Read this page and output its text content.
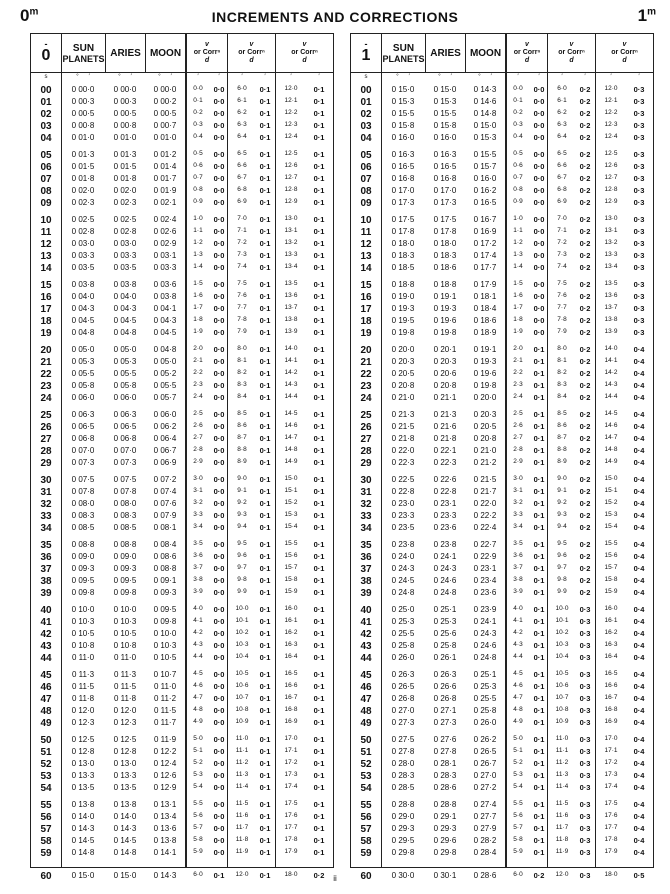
0$^m$	INCREMENTS AND CORRECTIONS	1$^m$
-
0	SUN
PLANETS ARIES MOON
v
or Corrⁿ
d
v
or Corrⁿ
d
v
or Corrⁿ
d
s	° ′	° ′	° ′	′	′	′	′	′	′
00	0 00·0	0 00·0	0 00·0	0·0	0·0	6·0	0·1	12·0	0·1
01	0 00·3	0 00·3	0 00·2	0·1	0·0	6·1	0·1	12·1	0·1
02	0 00·5	0 00·5	0 00·5	0·2	0·0	6·2	0·1	12·2	0·1
03	0 00·8	0 00·8	0 00·7	0·3	0·0	6·3	0·1	12·3	0·1
04	0 01·0	0 01·0	0 01·0	0·4	0·0	6·4	0·1	12·4	0·1
05	0 01·3	0 01·3	0 01·2	0·5	0·0	6·5	0·1	12·5	0·1
06	0 01·5	0 01·5	0 01·4	0·6	0·0	6·6	0·1	12·6	0·1
07	0 01·8	0 01·8	0 01·7	0·7	0·0	6·7	0·1	12·7	0·1
08	0 02·0	0 02·0	0 01·9	0·8	0·0	6·8	0·1	12·8	0·1
09	0 02·3	0 02·3	0 02·1	0·9	0·0	6·9	0·1	12·9	0·1
10	0 02·5	0 02·5	0 02·4	1·0	0·0	7·0	0·1	13·0	0·1
11	0 02·8	0 02·8	0 02·6	1·1	0·0	7·1	0·1	13·1	0·1
12	0 03·0	0 03·0	0 02·9	1·2	0·0	7·2	0·1	13·2	0·1
13	0 03·3	0 03·3	0 03·1	1·3	0·0	7·3	0·1	13·3	0·1
14	0 03·5	0 03·5	0 03·3	1·4	0·0	7·4	0·1	13·4	0·1
15	0 03·8	0 03·8	0 03·6	1·5	0·0	7·5	0·1	13·5	0·1
16	0 04·0	0 04·0	0 03·8	1·6	0·0	7·6	0·1	13·6	0·1
17	0 04·3	0 04·3	0 04·1	1·7	0·0	7·7	0·1	13·7	0·1
18	0 04·5	0 04·5	0 04·3	1·8	0·0	7·8	0·1	13·8	0·1
19	0 04·8	0 04·8	0 04·5	1·9	0·0	7·9	0·1	13·9	0·1
20	0 05·0	0 05·0	0 04·8	2·0	0·0	8·0	0·1	14·0	0·1
21	0 05·3	0 05·3	0 05·0	2·1	0·0	8·1	0·1	14·1	0·1
22	0 05·5	0 05·5	0 05·2	2·2	0·0	8·2	0·1	14·2	0·1
23	0 05·8	0 05·8	0 05·5	2·3	0·0	8·3	0·1	14·3	0·1
24	0 06·0	0 06·0	0 05·7	2·4	0·0	8·4	0·1	14·4	0·1
25	0 06·3	0 06·3	0 06·0	2·5	0·0	8·5	0·1	14·5	0·1
26	0 06·5	0 06·5	0 06·2	2·6	0·0	8·6	0·1	14·6	0·1
27	0 06·8	0 06·8	0 06·4	2·7	0·0	8·7	0·1	14·7	0·1
28	0 07·0	0 07·0	0 06·7	2·8	0·0	8·8	0·1	14·8	0·1
29	0 07·3	0 07·3	0 06·9	2·9	0·0	8·9	0·1	14·9	0·1
30	0 07·5	0 07·5	0 07·2	3·0	0·0	9·0	0·1	15·0	0·1
31	0 07·8	0 07·8	0 07·4	3·1	0·0	9·1	0·1	15·1	0·1
32	0 08·0	0 08·0	0 07·6	3·2	0·0	9·2	0·1	15·2	0·1
33	0 08·3	0 08·3	0 07·9	3·3	0·0	9·3	0·1	15·3	0·1
34	0 08·5	0 08·5	0 08·1	3·4	0·0	9·4	0·1	15·4	0·1
35	0 08·8	0 08·8	0 08·4	3·5	0·0	9·5	0·1	15·5	0·1
36	0 09·0	0 09·0	0 08·6	3·6	0·0	9·6	0·1	15·6	0·1
37	0 09·3	0 09·3	0 08·8	3·7	0·0	9·7	0·1	15·7	0·1
38	0 09·5	0 09·5	0 09·1	3·8	0·0	9·8	0·1	15·8	0·1
39	0 09·8	0 09·8	0 09·3	3·9	0·0	9·9	0·1	15·9	0·1
40	0 10·0	0 10·0	0 09·5	4·0	0·0	10·0	0·1	16·0	0·1
41	0 10·3	0 10·3	0 09·8	4·1	0·0	10·1	0·1	16·1	0·1
42	0 10·5	0 10·5	0 10·0	4·2	0·0	10·2	0·1	16·2	0·1
43	0 10·8	0 10·8	0 10·3	4·3	0·0	10·3	0·1	16·3	0·1
44	0 11·0	0 11·0	0 10·5	4·4	0·0	10·4	0·1	16·4	0·1
45	0 11·3	0 11·3	0 10·7	4·5	0·0	10·5	0·1	16·5	0·1
46	0 11·5	0 11·5	0 11·0	4·6	0·0	10·6	0·1	16·6	0·1
47	0 11·8	0 11·8	0 11·2	4·7	0·0	10·7	0·1	16·7	0·1
48	0 12·0	0 12·0	0 11·5	4·8	0·0	10·8	0·1	16·8	0·1
49	0 12·3	0 12·3	0 11·7	4·9	0·0	10·9	0·1	16·9	0·1
50	0 12·5	0 12·5	0 11·9	5·0	0·0	11·0	0·1	17·0	0·1
51	0 12·8	0 12·8	0 12·2	5·1	0·0	11·1	0·1	17·1	0·1
52	0 13·0	0 13·0	0 12·4	5·2	0·0	11·2	0·1	17·2	0·1
53	0 13·3	0 13·3	0 12·6	5·3	0·0	11·3	0·1	17·3	0·1
54	0 13·5	0 13·5	0 12·9	5·4	0·0	11·4	0·1	17·4	0·1
55	0 13·8	0 13·8	0 13·1	5·5	0·0	11·5	0·1	17·5	0·1
56	0 14·0	0 14·0	0 13·4	5·6	0·0	11·6	0·1	17·6	0·1
57	0 14·3	0 14·3	0 13·6	5·7	0·0	11·7	0·1	17·7	0·1
58	0 14·5	0 14·5	0 13·8	5·8	0·0	11·8	0·1	17·8	0·1
59	0 14·8	0 14·8	0 14·1	5·9	0·0	11·9	0·1	17·9	0·1
60	0 15·0	0 15·0	0 14·3	6·0	0·1	12·0	0·1	18·0	0·2
-
1	SUN
PLANETS ARIES MOON
v
or Corrⁿ
d
v
or Corrⁿ
d
v
or Corrⁿ
d
s	° ′	° ′	° ′	′	′	′	′	′	′
00	0 15·0	0 15·0	0 14·3	0·0	0·0	6·0	0·2	12·0	0·3
01	0 15·3	0 15·3	0 14·6	0·1	0·0	6·1	0·2	12·1	0·3
02	0 15·5	0 15·5	0 14·8	0·2	0·0	6·2	0·2	12·2	0·3
03	0 15·8	0 15·8	0 15·0	0·3	0·0	6·3	0·2	12·3	0·3
04	0 16·0	0 16·0	0 15·3	0·4	0·0	6·4	0·2	12·4	0·3
05	0 16·3	0 16·3	0 15·5	0·5	0·0	6·5	0·2	12·5	0·3
06	0 16·5	0 16·5	0 15·7	0·6	0·0	6·6	0·2	12·6	0·3
07	0 16·8	0 16·8	0 16·0	0·7	0·0	6·7	0·2	12·7	0·3
08	0 17·0	0 17·0	0 16·2	0·8	0·0	6·8	0·2	12·8	0·3
09	0 17·3	0 17·3	0 16·5	0·9	0·0	6·9	0·2	12·9	0·3
10	0 17·5	0 17·5	0 16·7	1·0	0·0	7·0	0·2	13·0	0·3
11	0 17·8	0 17·8	0 16·9	1·1	0·0	7·1	0·2	13·1	0·3
12	0 18·0	0 18·0	0 17·2	1·2	0·0	7·2	0·2	13·2	0·3
13	0 18·3	0 18·3	0 17·4	1·3	0·0	7·3	0·2	13·3	0·3
14	0 18·5	0 18·6	0 17·7	1·4	0·0	7·4	0·2	13·4	0·3
15	0 18·8	0 18·8	0 17·9	1·5	0·0	7·5	0·2	13·5	0·3
16	0 19·0	0 19·1	0 18·1	1·6	0·0	7·6	0·2	13·6	0·3
17	0 19·3	0 19·3	0 18·4	1·7	0·0	7·7	0·2	13·7	0·3
18	0 19·5	0 19·6	0 18·6	1·8	0·0	7·8	0·2	13·8	0·3
19	0 19·8	0 19·8	0 18·9	1·9	0·0	7·9	0·2	13·9	0·3
20	0 20·0	0 20·1	0 19·1	2·0	0·1	8·0	0·2	14·0	0·4
21	0 20·3	0 20·3	0 19·3	2·1	0·1	8·1	0·2	14·1	0·4
22	0 20·5	0 20·6	0 19·6	2·2	0·1	8·2	0·2	14·2	0·4
23	0 20·8	0 20·8	0 19·8	2·3	0·1	8·3	0·2	14·3	0·4
24	0 21·0	0 21·1	0 20·0	2·4	0·1	8·4	0·2	14·4	0·4
25	0 21·3	0 21·3	0 20·3	2·5	0·1	8·5	0·2	14·5	0·4
26	0 21·5	0 21·6	0 20·5	2·6	0·1	8·6	0·2	14·6	0·4
27	0 21·8	0 21·8	0 20·8	2·7	0·1	8·7	0·2	14·7	0·4
28	0 22·0	0 22·1	0 21·0	2·8	0·1	8·8	0·2	14·8	0·4
29	0 22·3	0 22·3	0 21·2	2·9	0·1	8·9	0·2	14·9	0·4
30	0 22·5	0 22·6	0 21·5	3·0	0·1	9·0	0·2	15·0	0·4
31	0 22·8	0 22·8	0 21·7	3·1	0·1	9·1	0·2	15·1	0·4
32	0 23·0	0 23·1	0 22·0	3·2	0·1	9·2	0·2	15·2	0·4
33	0 23·3	0 23·3	0 22·2	3·3	0·1	9·3	0·2	15·3	0·4
34	0 23·5	0 23·6	0 22·4	3·4	0·1	9·4	0·2	15·4	0·4
35	0 23·8	0 23·8	0 22·7	3·5	0·1	9·5	0·2	15·5	0·4
36	0 24·0	0 24·1	0 22·9	3·6	0·1	9·6	0·2	15·6	0·4
37	0 24·3	0 24·3	0 23·1	3·7	0·1	9·7	0·2	15·7	0·4
38	0 24·5	0 24·6	0 23·4	3·8	0·1	9·8	0·2	15·8	0·4
39	0 24·8	0 24·8	0 23·6	3·9	0·1	9·9	0·2	15·9	0·4
40	0 25·0	0 25·1	0 23·9	4·0	0·1	10·0	0·3	16·0	0·4
41	0 25·3	0 25·3	0 24·1	4·1	0·1	10·1	0·3	16·1	0·4
42	0 25·5	0 25·6	0 24·3	4·2	0·1	10·2	0·3	16·2	0·4
43	0 25·8	0 25·8	0 24·6	4·3	0·1	10·3	0·3	16·3	0·4
44	0 26·0	0 26·1	0 24·8	4·4	0·1	10·4	0·3	16·4	0·4
45	0 26·3	0 26·3	0 25·1	4·5	0·1	10·5	0·3	16·5	0·4
46	0 26·5	0 26·6	0 25·3	4·6	0·1	10·6	0·3	16·6	0·4
47	0 26·8	0 26·8	0 25·5	4·7	0·1	10·7	0·3	16·7	0·4
48	0 27·0	0 27·1	0 25·8	4·8	0·1	10·8	0·3	16·8	0·4
49	0 27·3	0 27·3	0 26·0	4·9	0·1	10·9	0·3	16·9	0·4
50	0 27·5	0 27·6	0 26·2	5·0	0·1	11·0	0·3	17·0	0·4
51	0 27·8	0 27·8	0 26·5	5·1	0·1	11·1	0·3	17·1	0·4
52	0 28·0	0 28·1	0 26·7	5·2	0·1	11·2	0·3	17·2	0·4
53	0 28·3	0 28·3	0 27·0	5·3	0·1	11·3	0·3	17·3	0·4
54	0 28·5	0 28·6	0 27·2	5·4	0·1	11·4	0·3	17·4	0·4
55	0 28·8	0 28·8	0 27·4	5·5	0·1	11·5	0·3	17·5	0·4
56	0 29·0	0 29·1	0 27·7	5·6	0·1	11·6	0·3	17·6	0·4
57	0 29·3	0 29·3	0 27·9	5·7	0·1	11·7	0·3	17·7	0·4
58	0 29·5	0 29·6	0 28·2	5·8	0·1	11·8	0·3	17·8	0·4
59	0 29·8	0 29·8	0 28·4	5·9	0·1	11·9	0·3	17·9	0·4
60	0 30·0	0 30·1	0 28·6	6·0	0·2	12·0	0·3	18·0	0·5
ii
